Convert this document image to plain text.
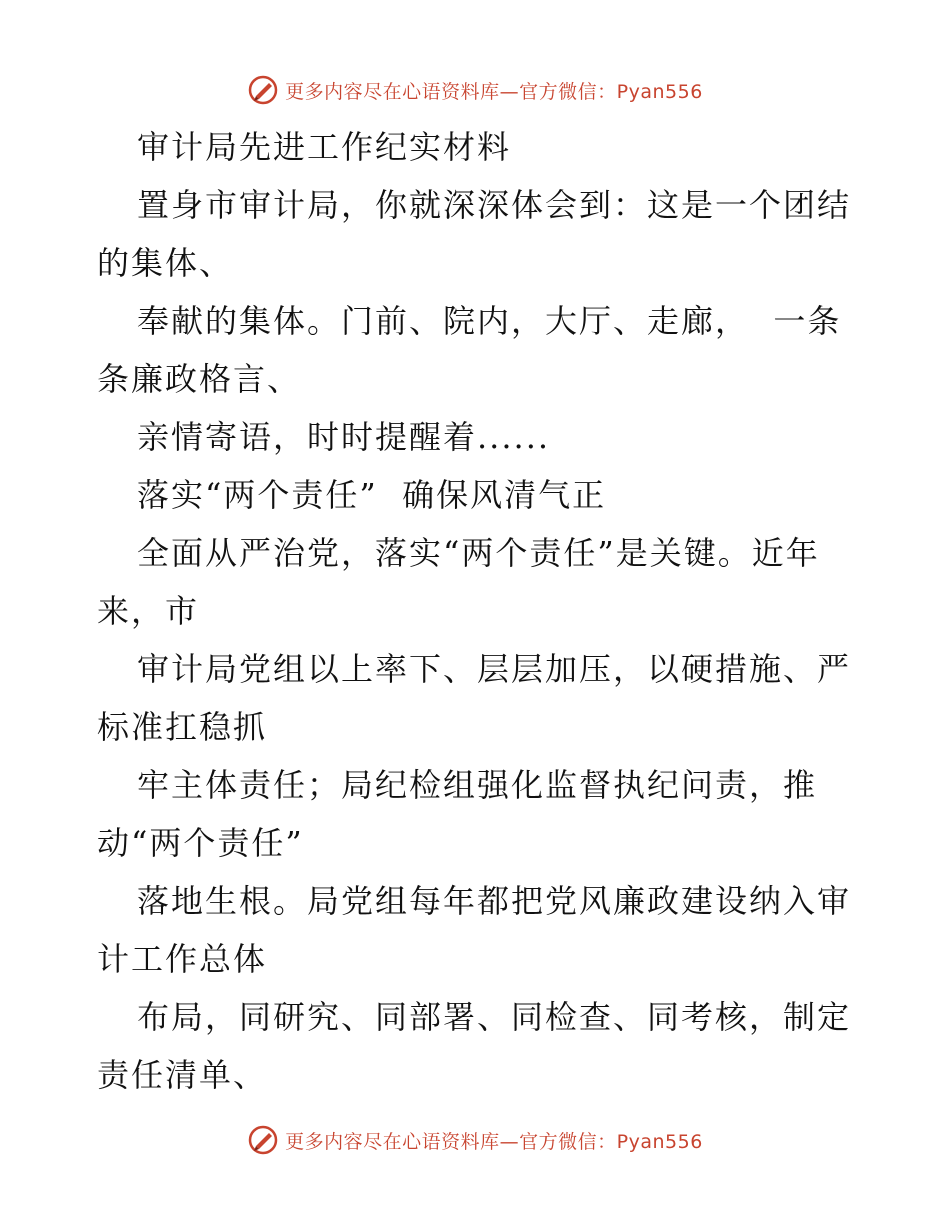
更多内容尽在心语资料库—官方微信：Pyan556
审计局先进工作纪实材料
置身市审计局，你就深深体会到：这是一个团结
的集体、
奉献的集体。门前、院内，大厅、走廊，  一条
条廉政格言、
亲情寄语，时时提醒着......
落实“两个责任”  确保风清气正
全面从严治党，落实“两个责任”是关键。近年
来，市
审计局党组以上率下、层层加压，以硬措施、严
标准扛稳抓
牢主体责任；局纪检组强化监督执纪问责，推
动“两个责任”
落地生根。局党组每年都把党风廉政建设纳入审
计工作总体
布局，同研究、同部署、同检查、同考核，制定
责任清单、
更多内容尽在心语资料库—官方微信：Pyan556
